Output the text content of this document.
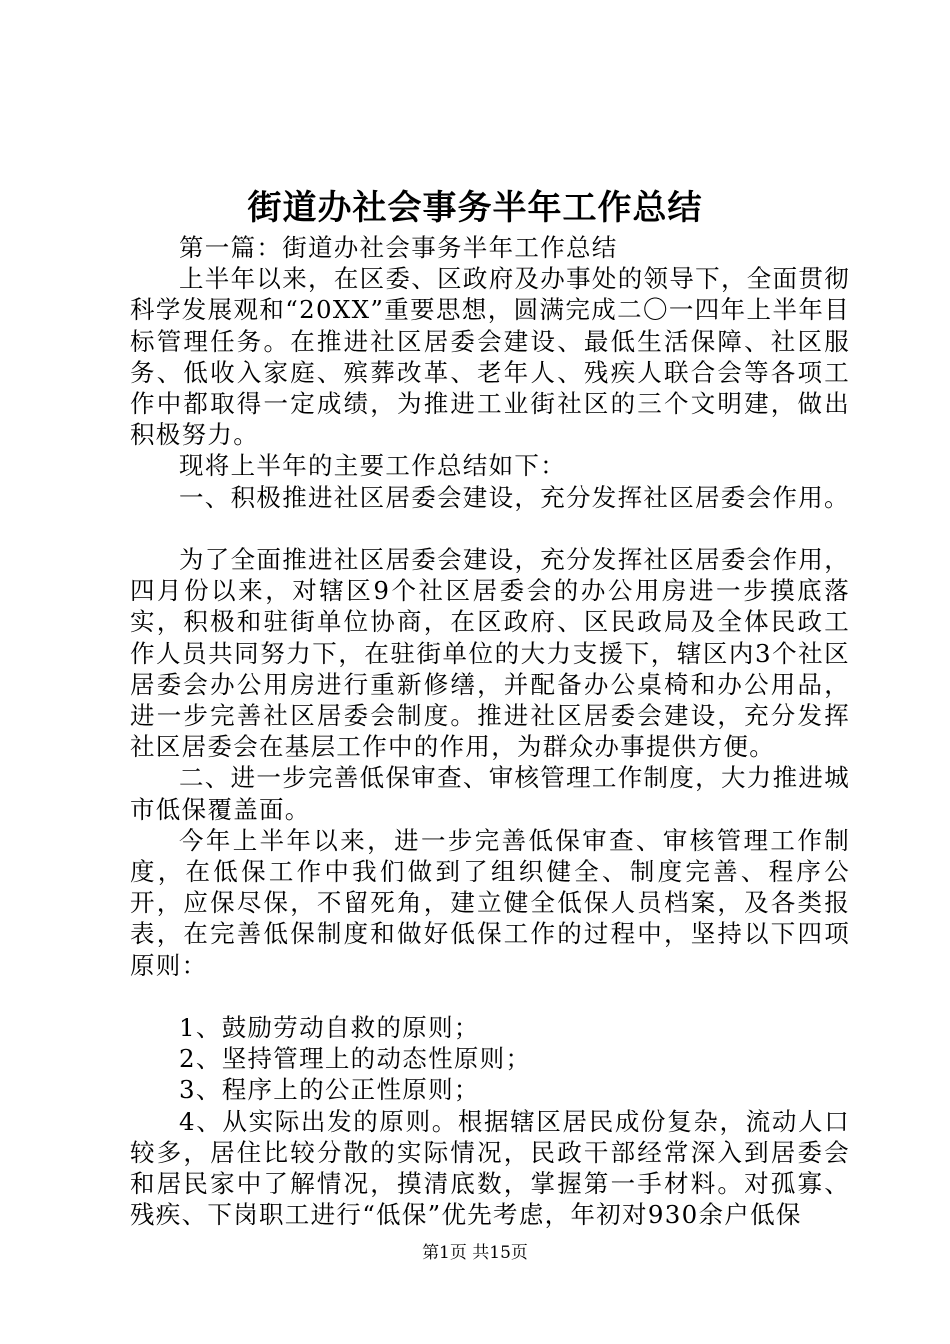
街道办社会事务半年工作总结

第一篇：街道办社会事务半年工作总结

上半年以来，在区委、区政府及办事处的领导下，全面贯彻科学发展观和“20XX”重要思想，圆满完成二〇一四年上半年目标管理任务。在推进社区居委会建设、最低生活保障、社区服务、低收入家庭、殡葬改革、老年人、残疾人联合会等各项工作中都取得一定成绩，为推进工业街社区的三个文明建，做出积极努力。

现将上半年的主要工作总结如下：

一、积极推进社区居委会建设，充分发挥社区居委会作用。

为了全面推进社区居委会建设，充分发挥社区居委会作用，四月份以来，对辖区9个社区居委会的办公用房进一步摸底落实，积极和驻街单位协商，在区政府、区民政局及全体民政工作人员共同努力下，在驻街单位的大力支援下，辖区内3个社区居委会办公用房进行重新修缮，并配备办公桌椅和办公用品，进一步完善社区居委会制度。推进社区居委会建设，充分发挥社区居委会在基层工作中的作用，为群众办事提供方便。

二、进一步完善低保审查、审核管理工作制度，大力推进城市低保覆盖面。

今年上半年以来，进一步完善低保审查、审核管理工作制度，在低保工作中我们做到了组织健全、制度完善、程序公开，应保尽保，不留死角，建立健全低保人员档案，及各类报表，在完善低保制度和做好低保工作的过程中，坚持以下四项原则：

1、鼓励劳动自救的原则；

2、坚持管理上的动态性原则；

3、程序上的公正性原则；

4、从实际出发的原则。根据辖区居民成份复杂，流动人口较多，居住比较分散的实际情况，民政干部经常深入到居委会和居民家中了解情况，摸清底数，掌握第一手材料。对孤寡、残疾、下岗职工进行“低保”优先考虑，年初对930余户低保

第1页 共15页
